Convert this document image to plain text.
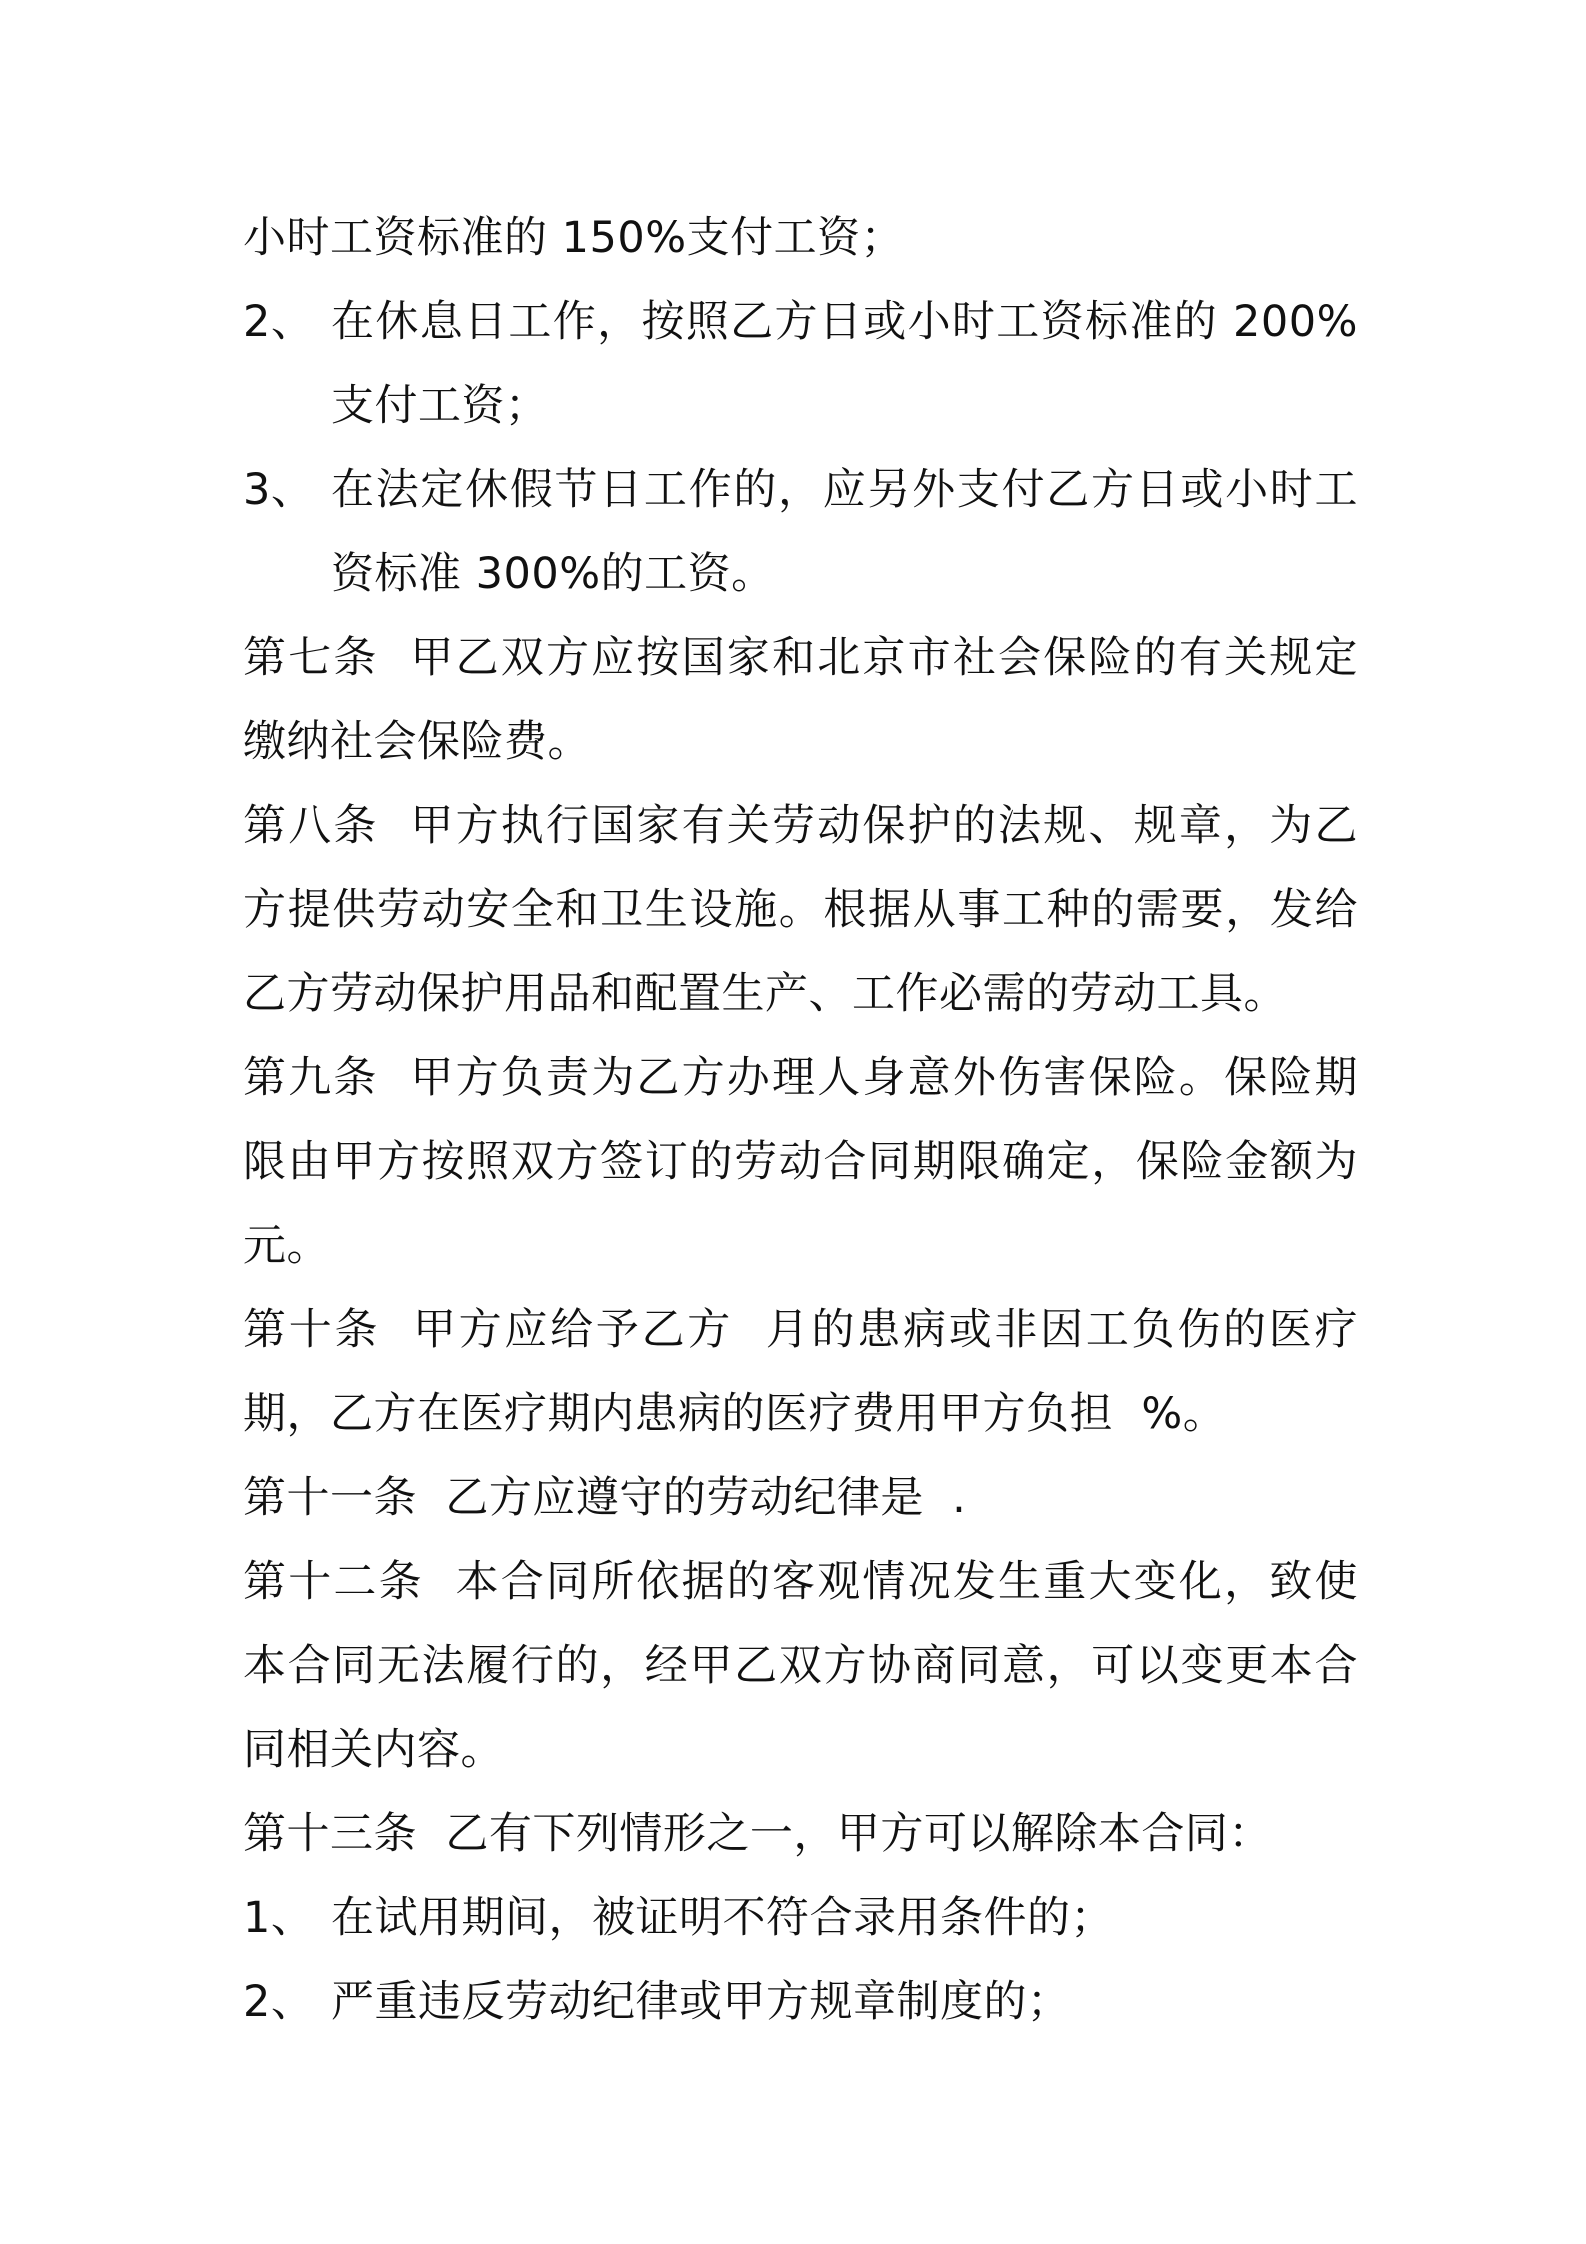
小时工资标准的 150%支付工资；

2、 在休息日工作，按照乙方日或小时工资标准的 200%支付工资；
3、 在法定休假节日工作的，应另外支付乙方日或小时工资标准 300%的工资。

第七条  甲乙双方应按国家和北京市社会保险的有关规定缴纳社会保险费。

第八条  甲方执行国家有关劳动保护的法规、规章，为乙方提供劳动安全和卫生设施。根据从事工种的需要，发给乙方劳动保护用品和配置生产、工作必需的劳动工具。

第九条  甲方负责为乙方办理人身意外伤害保险。保险期限由甲方按照双方签订的劳动合同期限确定，保险金额为  元。

第十条  甲方应给予乙方  月的患病或非因工负伤的医疗期，乙方在医疗期内患病的医疗费用甲方负担  %。

第十一条  乙方应遵守的劳动纪律是  .

第十二条  本合同所依据的客观情况发生重大变化，致使本合同无法履行的，经甲乙双方协商同意，可以变更本合同相关内容。

第十三条  乙有下列情形之一，甲方可以解除本合同：

1、 在试用期间，被证明不符合录用条件的；
2、 严重违反劳动纪律或甲方规章制度的；
